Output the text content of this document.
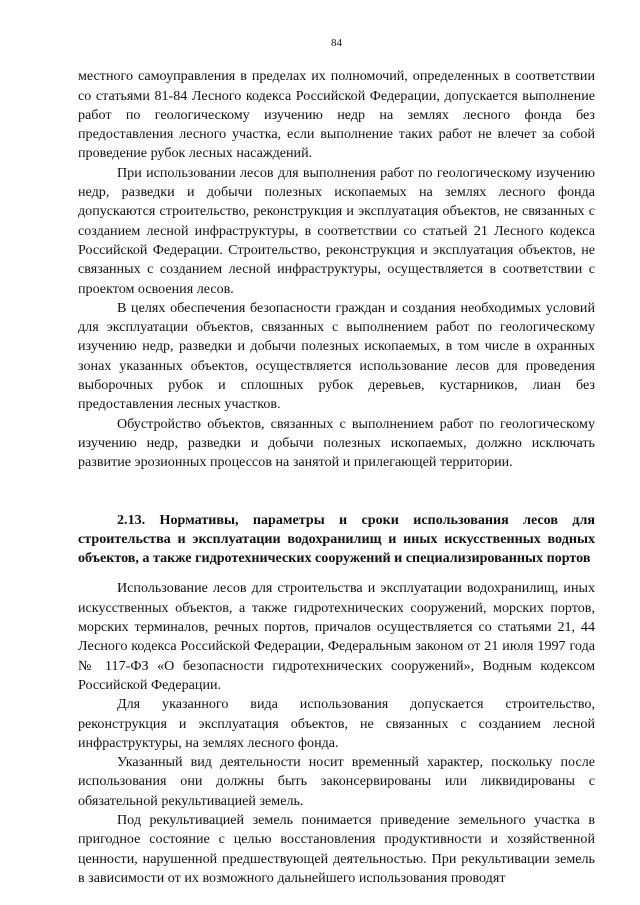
84

местного самоуправления в пределах их полномочий, определенных в соответствии со статьями 81-84 Лесного кодекса Российской Федерации, допускается выполнение работ по геологическому изучению недр на землях лесного фонда без предоставления лесного участка, если выполнение таких работ не влечет за собой проведение рубок лесных насаждений.

При использовании лесов для выполнения работ по геологическому изучению недр, разведки и добычи полезных ископаемых на землях лесного фонда допускаются строительство, реконструкция и эксплуатация объектов, не связанных с созданием лесной инфраструктуры, в соответствии со статьей 21 Лесного кодекса Российской Федерации. Строительство, реконструкция и эксплуатация объектов, не связанных с созданием лесной инфраструктуры, осуществляется в соответствии с проектом освоения лесов.

В целях обеспечения безопасности граждан и создания необходимых условий для эксплуатации объектов, связанных с выполнением работ по геологическому изучению недр, разведки и добычи полезных ископаемых, в том числе в охранных зонах указанных объектов, осуществляется использование лесов для проведения выборочных рубок и сплошных рубок деревьев, кустарников, лиан без предоставления лесных участков.

Обустройство объектов, связанных с выполнением работ по геологическому изучению недр, разведки и добычи полезных ископаемых, должно исключать развитие эрозионных процессов на занятой и прилегающей территории.

2.13. Нормативы, параметры и сроки использования лесов для строительства и эксплуатации водохранилищ и иных искусственных водных объектов, а также гидротехнических сооружений и специализированных портов

Использование лесов для строительства и эксплуатации водохранилищ, иных искусственных объектов, а также гидротехнических сооружений, морских портов, морских терминалов, речных портов, причалов осуществляется со статьями 21, 44 Лесного кодекса Российской Федерации, Федеральным законом от 21 июля 1997 года № 117-ФЗ «О безопасности гидротехнических сооружений», Водным кодексом Российской Федерации.

Для указанного вида использования допускается строительство, реконструкция и эксплуатация объектов, не связанных с созданием лесной инфраструктуры, на землях лесного фонда.

Указанный вид деятельности носит временный характер, поскольку после использования они должны быть законсервированы или ликвидированы с обязательной рекультивацией земель.

Под рекультивацией земель понимается приведение земельного участка в пригодное состояние с целью восстановления продуктивности и хозяйственной ценности, нарушенной предшествующей деятельностью. При рекультивации земель в зависимости от их возможного дальнейшего использования проводят
